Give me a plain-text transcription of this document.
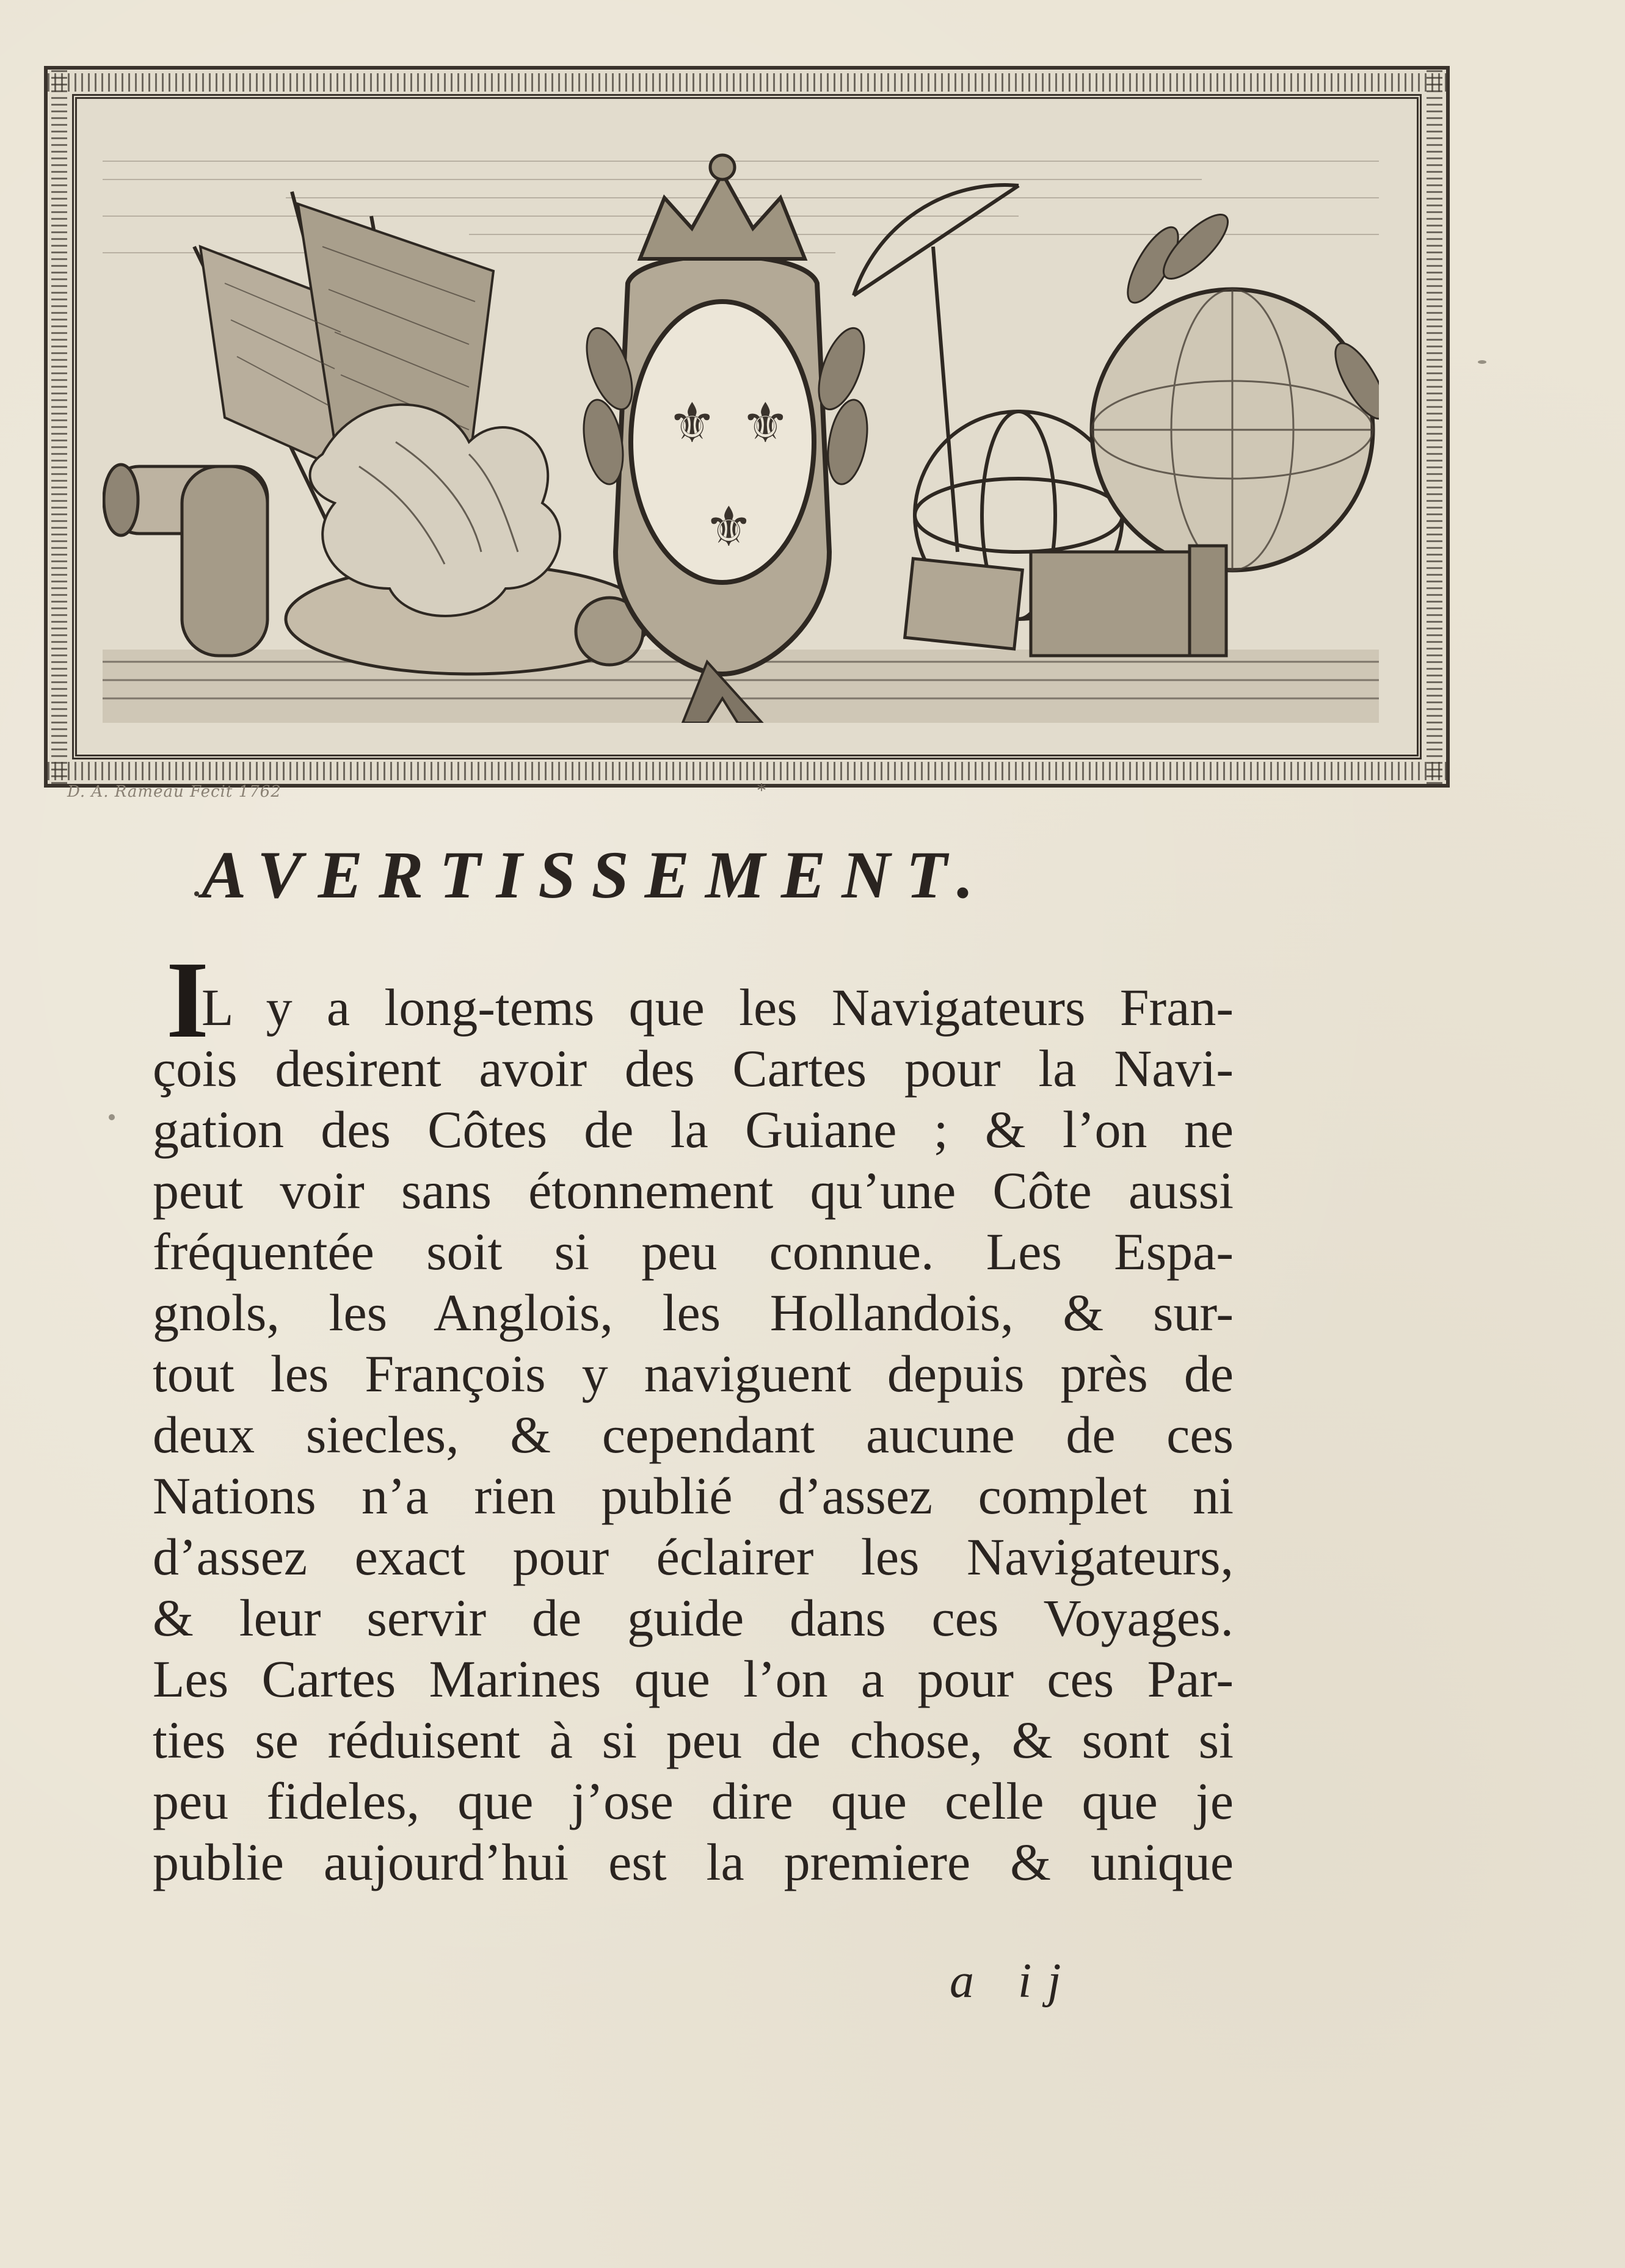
⚜ ⚜
⚜
D. A. Rameau Fecit 1762	*
AVERTISSEMENT.
I
L y a long-tems que les Navigateurs Fran-
çois desirent avoir des Cartes pour la Navi-
gation des Côtes de la Guiane ; & l’on ne
peut voir sans étonnement qu’une Côte aussi
fréquentée soit si peu connue. Les Espa-
gnols, les Anglois, les Hollandois, & sur-
tout les François y naviguent depuis près de
deux siecles, & cependant aucune de ces
Nations n’a rien publié d’assez complet ni
d’assez exact pour éclairer les Navigateurs,
& leur servir de guide dans ces Voyages.
Les Cartes Marines que l’on a pour ces Par-
ties se réduisent à si peu de chose, & sont si
peu fideles, que j’ose dire que celle que je
publie aujourd’hui est la premiere & unique
a ij
